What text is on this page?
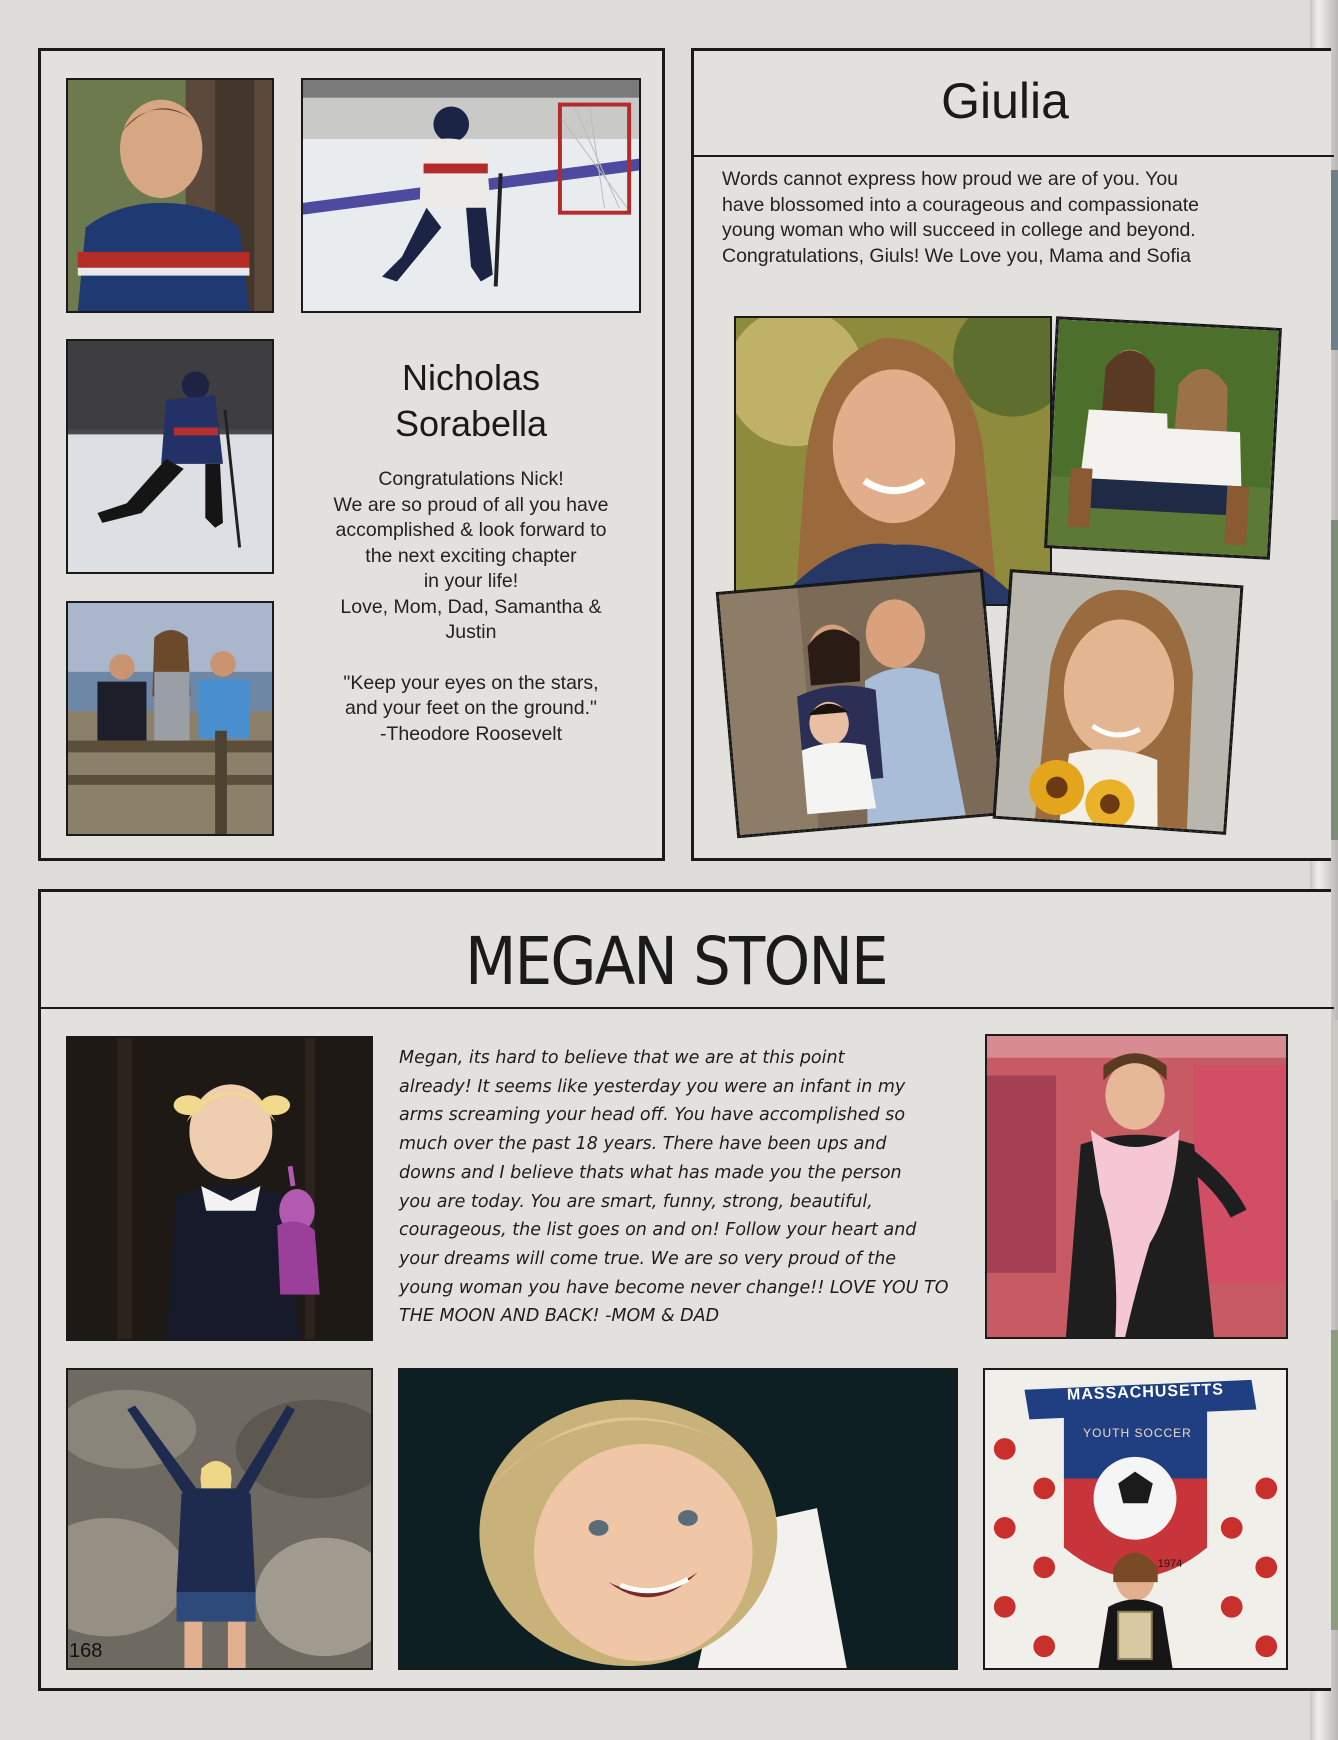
Nicholas
Sorabella
Congratulations Nick!
We are so proud of all you have
accomplished & look forward to
the next exciting chapter
in your life!
Love, Mom, Dad, Samantha &
Justin
"Keep your eyes on the stars,
and your feet on the ground."
-Theodore Roosevelt
Giulia
Words cannot express how proud we are of you. You
have blossomed into a courageous and compassionate
young woman who will succeed in college and beyond.
Congratulations, Giuls! We Love you, Mama and Sofia
MEGAN STONE
Megan, its hard to believe that we are at this point
already! It seems like yesterday you were an infant in my
arms screaming your head off. You have accomplished so
much over the past 18 years. There have been ups and
downs and I believe thats what has made you the person
you are today. You are smart, funny, strong, beautiful,
courageous, the list goes on and on! Follow your heart and
your dreams will come true. We are so very proud of the
young woman you have become never change!! LOVE YOU TO
THE MOON AND BACK! -MOM & DAD
168
MASSACHUSETTS
YOUTH SOCCER
1974
